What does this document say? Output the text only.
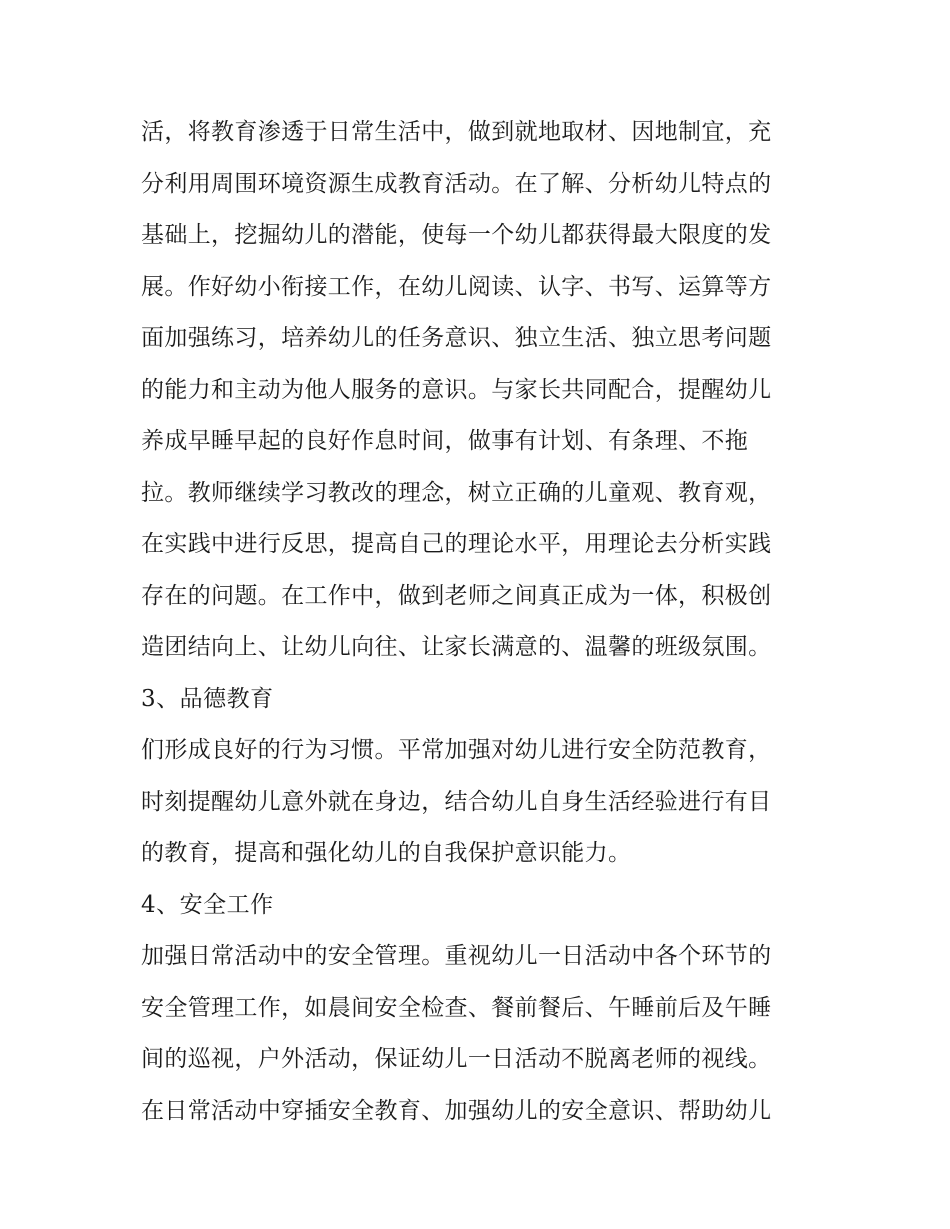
活，将教育渗透于日常生活中，做到就地取材、因地制宜，充
分利用周围环境资源生成教育活动。在了解、分析幼儿特点的
基础上，挖掘幼儿的潜能，使每一个幼儿都获得最大限度的发
展。作好幼小衔接工作，在幼儿阅读、认字、书写、运算等方
面加强练习，培养幼儿的任务意识、独立生活、独立思考问题
的能力和主动为他人服务的意识。与家长共同配合，提醒幼儿
养成早睡早起的良好作息时间，做事有计划、有条理、不拖
拉。教师继续学习教改的理念，树立正确的儿童观、教育观，
在实践中进行反思，提高自己的理论水平，用理论去分析实践
存在的问题。在工作中，做到老师之间真正成为一体，积极创
造团结向上、让幼儿向往、让家长满意的、温馨的班级氛围。
3、品德教育
们形成良好的行为习惯。平常加强对幼儿进行安全防范教育，
时刻提醒幼儿意外就在身边，结合幼儿自身生活经验进行有目
的教育，提高和强化幼儿的自我保护意识能力。
4、安全工作
加强日常活动中的安全管理。重视幼儿一日活动中各个环节的
安全管理工作，如晨间安全检查、餐前餐后、午睡前后及午睡
间的巡视，户外活动，保证幼儿一日活动不脱离老师的视线。
在日常活动中穿插安全教育、加强幼儿的安全意识、帮助幼儿
